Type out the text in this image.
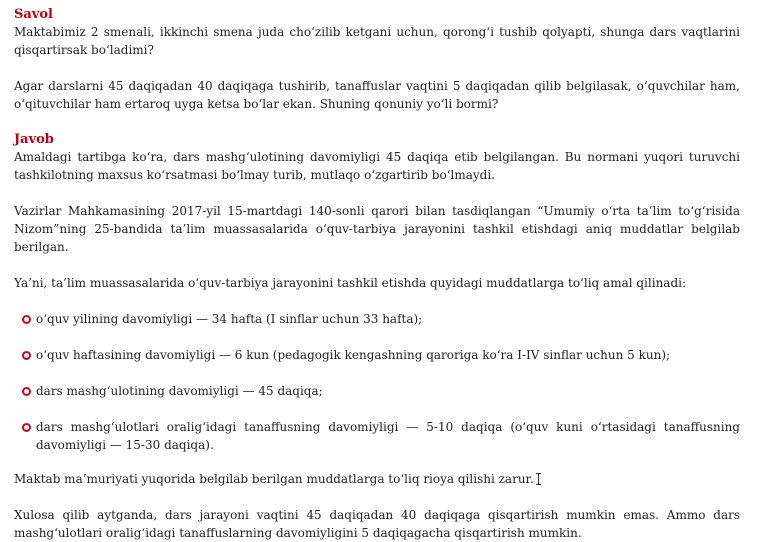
Savol

Maktabimiz 2 smenali, ikkinchi smena juda cho‘zilib ketgani uchun, qorong‘i tushib qolyapti, shunga dars vaqtlarini qisqartirsak bo‘ladimi?

Agar darslarni 45 daqiqadan 40 daqiqaga tushirib, tanaffuslar vaqtini 5 daqiqadan qilib belgilasak, o‘quvchilar ham, o‘qituvchilar ham ertaroq uyga ketsa bo‘lar ekan. Shuning qonuniy yo‘li bormi?

Javob

Amaldagi tartibga ko‘ra, dars mashg‘ulotining davomiyligi 45 daqiqa etib belgilangan. Bu normani yuqori turuvchi tashkilotning maxsus ko‘rsatmasi bo‘lmay turib, mutlaqo o‘zgartirib bo‘lmaydi.

Vazirlar Mahkamasining 2017-yil 15-martdagi 140-sonli qarori bilan tasdiqlangan “Umumiy o‘rta ta’lim to‘g‘risida Nizom”ning 25-bandida ta’lim muassasalarida o‘quv-tarbiya jarayonini tashkil etishdagi aniq muddatlar belgilab berilgan.

Ya’ni, ta’lim muassasalarida o‘quv-tarbiya jarayonini tashkil etishda quyidagi muddatlarga to‘liq amal qilinadi:

o‘quv yilining davomiyligi — 34 hafta (I sinflar uchun 33 hafta);
o‘quv haftasining davomiyligi — 6 kun (pedagogik kengashning qaroriga ko‘ra I-IV sinflar uchun 5 kun);
dars mashg‘ulotining davomiyligi — 45 daqiqa;
dars mashg‘ulotlari oralig‘idagi tanaffusning davomiyligi — 5-10 daqiqa (o‘quv kuni o‘rtasidagi tanaffusning davomiyligi — 15-30 daqiqa).

Maktab ma’muriyati yuqorida belgilab berilgan muddatlarga to‘liq rioya qilishi zarur.

Xulosa qilib aytganda, dars jarayoni vaqtini 45 daqiqadan 40 daqiqaga qisqartirish mumkin emas. Ammo dars mashg‘ulotlari oralig‘idagi tanaffuslarning davomiyligini 5 daqiqagacha qisqartirish mumkin.
